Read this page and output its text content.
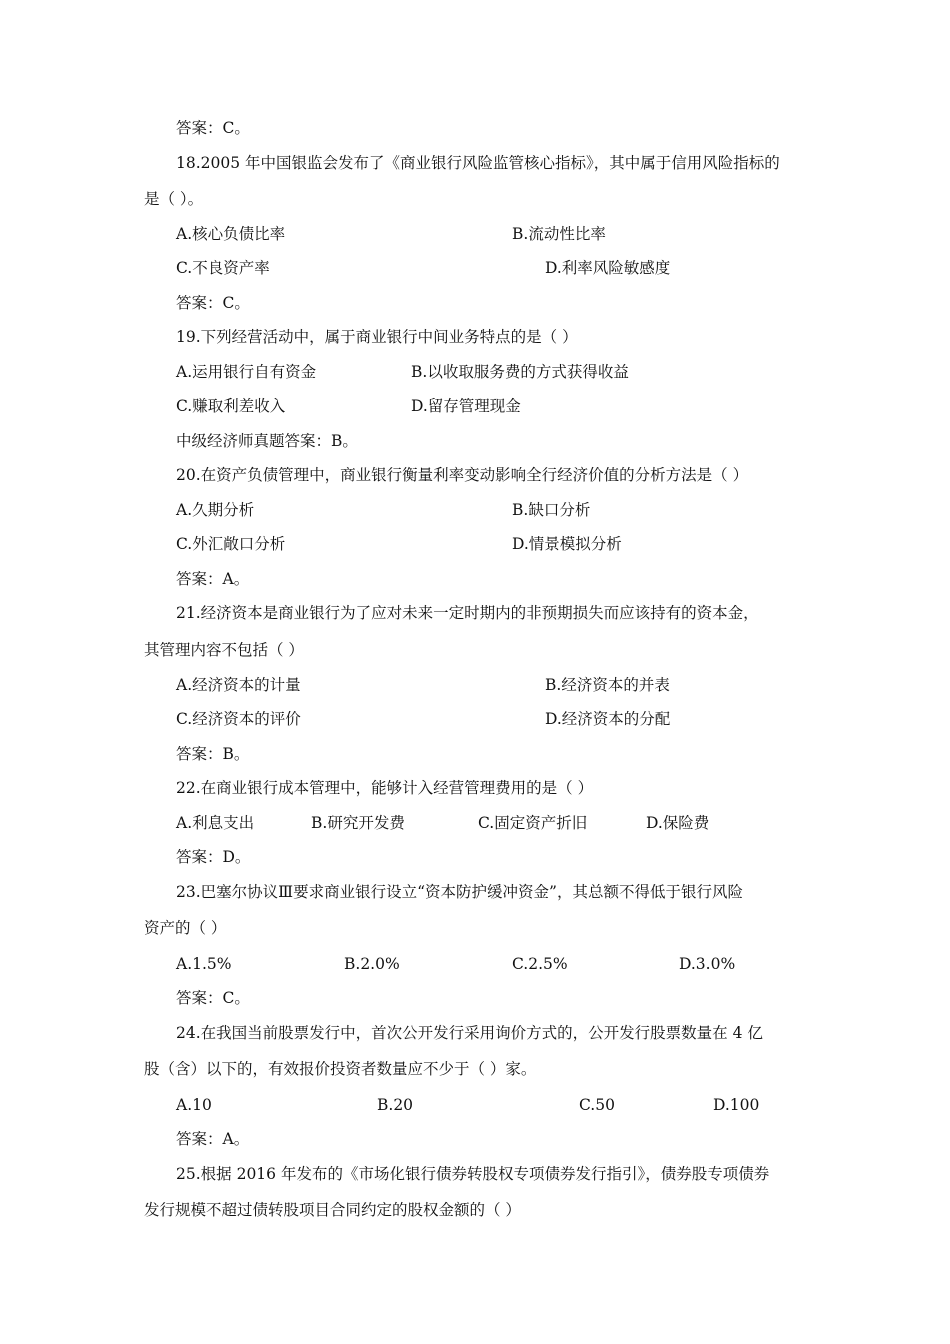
答案：C。
18.2005 年中国银监会发布了《商业银行风险监管核心指标》，其中属于信用风险指标的
是（ ）。
A.核心负债比率	B.流动性比率
C.不良资产率	D.利率风险敏感度
答案：C。
19.下列经营活动中，属于商业银行中间业务特点的是（ ）
A.运用银行自有资金	B.以收取服务费的方式获得收益
C.赚取利差收入	D.留存管理现金
中级经济师真题答案：B。
20.在资产负债管理中，商业银行衡量利率变动影响全行经济价值的分析方法是（ ）
A.久期分析	B.缺口分析
C.外汇敞口分析	D.情景模拟分析
答案：A。
21.经济资本是商业银行为了应对未来一定时期内的非预期损失而应该持有的资本金，
其管理内容不包括（ ）
A.经济资本的计量	B.经济资本的并表
C.经济资本的评价	D.经济资本的分配
答案：B。
22.在商业银行成本管理中，能够计入经营管理费用的是（ ）
A.利息支出	B.研究开发费	C.固定资产折旧	D.保险费
答案：D。
23.巴塞尔协议Ⅲ要求商业银行设立“资本防护缓冲资金”，其总额不得低于银行风险
资产的（ ）
A.1.5%	B.2.0%	C.2.5%	D.3.0%
答案：C。
24.在我国当前股票发行中，首次公开发行采用询价方式的，公开发行股票数量在 4 亿
股（含）以下的，有效报价投资者数量应不少于（ ）家。
A.10	B.20	C.50	D.100
答案：A。
25.根据 2016 年发布的《市场化银行债券转股权专项债券发行指引》，债券股专项债券
发行规模不超过债转股项目合同约定的股权金额的（ ）
